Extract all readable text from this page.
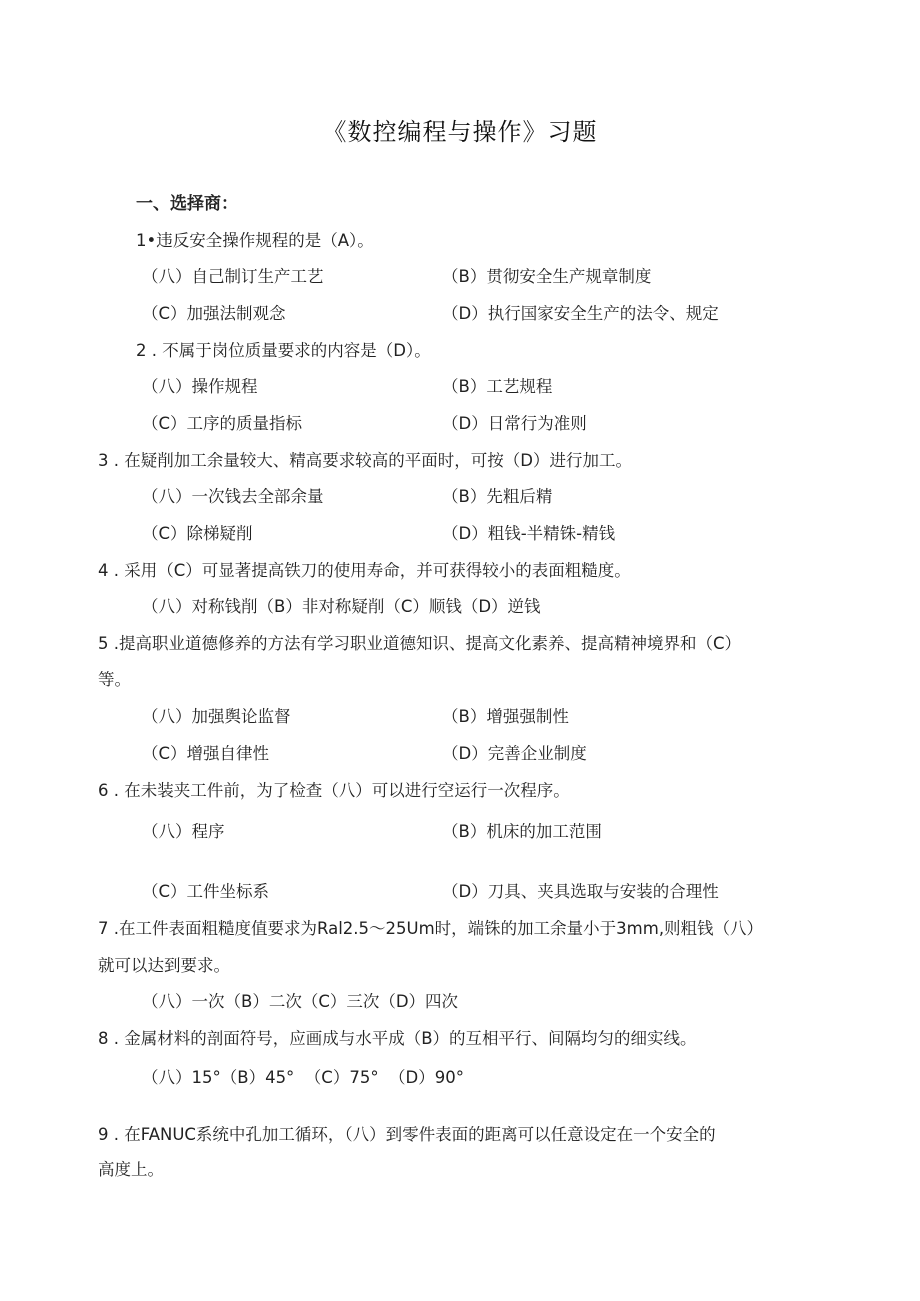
《数控编程与操作》习题
一、选择商：
1•违反安全操作规程的是（A）。
（八）自己制订生产工艺	（B）贯彻安全生产规章制度
（C）加强法制观念	（D）执行国家安全生产的法令、规定
2 . 不属于岗位质量要求的内容是（D）。
（八）操作规程	（B）工艺规程
（C）工序的质量指标	（D）日常行为准则
3 . 在疑削加工余量较大、精高要求较高的平面时，可按（D）进行加工。
（八）一次钱去全部余量	（B）先粗后精
（C）除梯疑削	（D）粗钱-半精铢-精钱
4 . 采用（C）可显著提高铁刀的使用寿命，并可获得较小的表面粗糙度。
（八）对称钱削（B）非对称疑削（C）顺钱（D）逆钱
5 .提高职业道德修养的方法有学习职业道德知识、提高文化素养、提高精神境界和（C）
等。
（八）加强舆论监督	（B）增强强制性
（C）增强自律性	（D）完善企业制度
6 . 在未装夹工件前，为了检查（八）可以进行空运行一次程序。
（八）程序	（B）机床的加工范围
（C）工件坐标系	（D）刀具、夹具选取与安装的合理性
7 .在工件表面粗糙度值要求为Ral2.5～25Um时，端铢的加工余量小于3mm,则粗钱（八）
就可以达到要求。
（八）一次（B）二次（C）三次（D）四次
8 . 金属材料的剖面符号，应画成与水平成（B）的互相平行、间隔均匀的细实线。
（八）15°（B）45°  （C）75°  （D）90°
9 . 在FANUC系统中孔加工循环，（八）到零件表面的距离可以任意设定在一个安全的
高度上。
